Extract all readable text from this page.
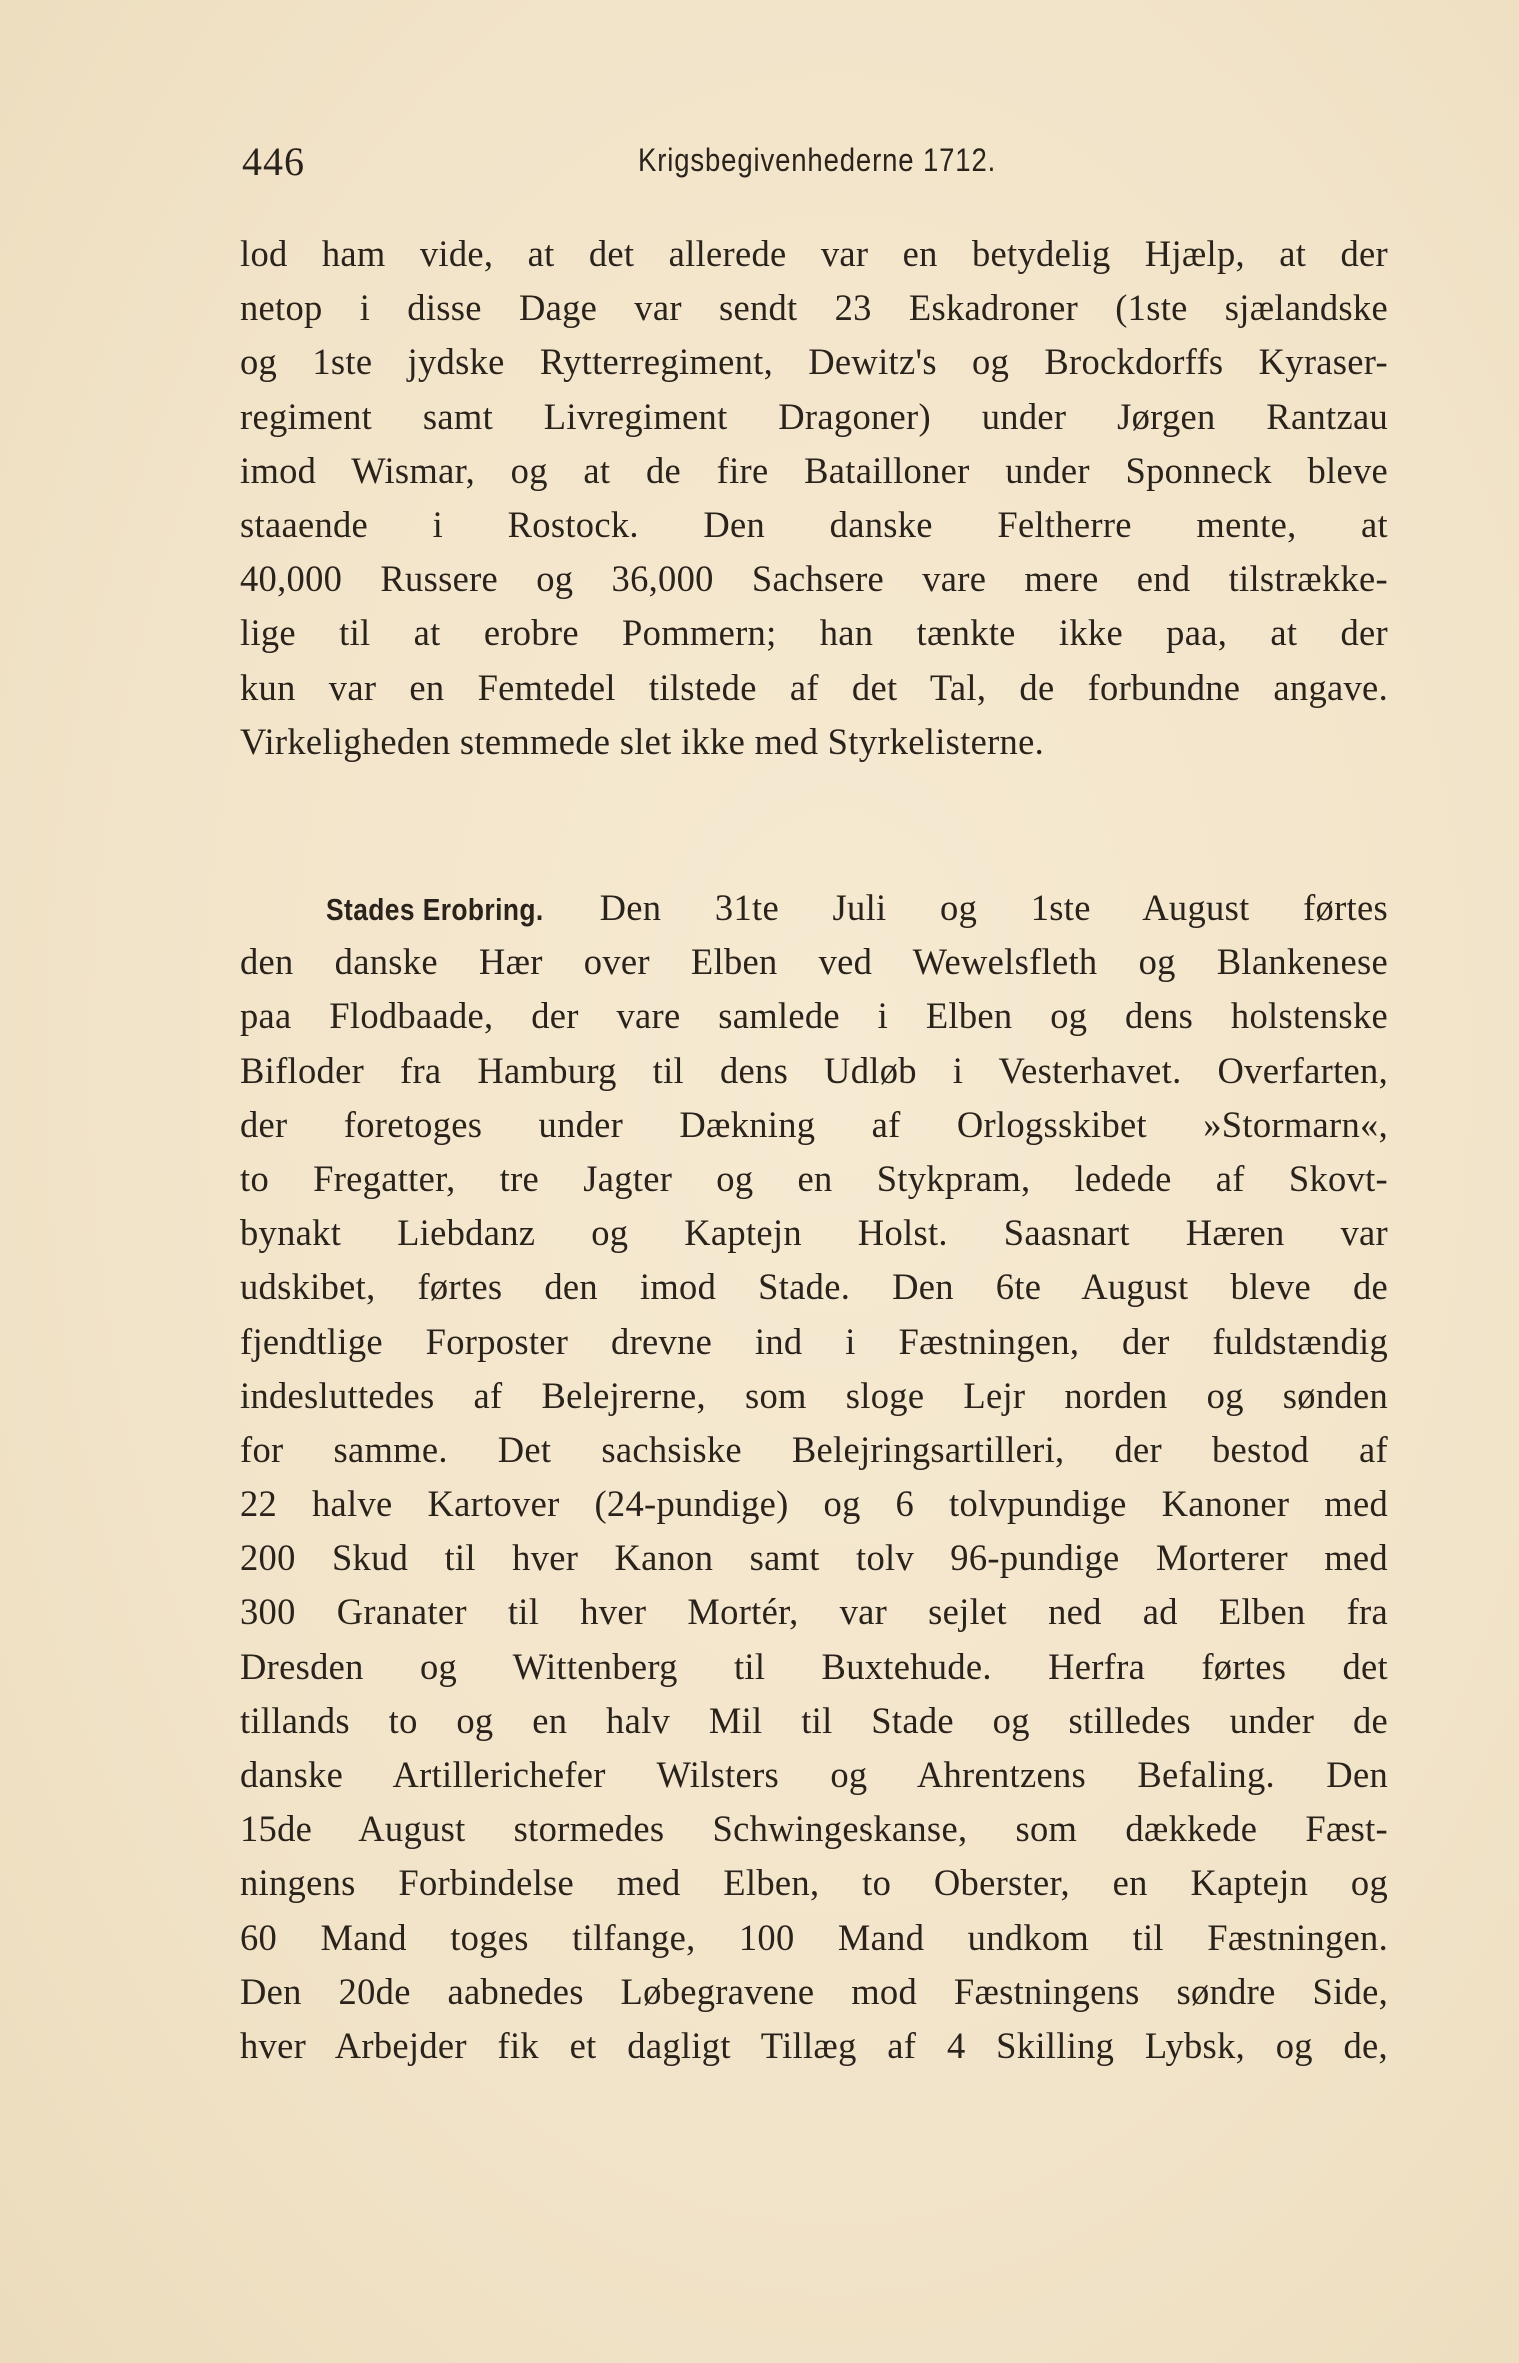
446	Krigsbegivenhederne 1712.
lod ham vide, at det allerede var en betydelig Hjælp, at der
netop i disse Dage var sendt 23 Eskadroner (1ste sjælandske
og 1ste jydske Rytterregiment, Dewitz's og Brockdorffs Kyraser-
regiment samt Livregiment Dragoner) under Jørgen Rantzau
imod Wismar, og at de fire Batailloner under Sponneck bleve
staaende i Rostock. Den danske Feltherre mente, at
40,000 Russere og 36,000 Sachsere vare mere end tilstrække-
lige til at erobre Pommern; han tænkte ikke paa, at der
kun var en Femtedel tilstede af det Tal, de forbundne angave.
Virkeligheden stemmede slet ikke med Styrkelisterne.
Stades Erobring. Den 31te Juli og 1ste August førtes
den danske Hær over Elben ved Wewelsfleth og Blankenese
paa Flodbaade, der vare samlede i Elben og dens holstenske
Bifloder fra Hamburg til dens Udløb i Vesterhavet. Overfarten,
der foretoges under Dækning af Orlogsskibet »Stormarn«,
to Fregatter, tre Jagter og en Stykpram, ledede af Skovt-
bynakt Liebdanz og Kaptejn Holst. Saasnart Hæren var
udskibet, førtes den imod Stade. Den 6te August bleve de
fjendtlige Forposter drevne ind i Fæstningen, der fuldstændig
indesluttedes af Belejrerne, som sloge Lejr norden og sønden
for samme. Det sachsiske Belejringsartilleri, der bestod af
22 halve Kartover (24-pundige) og 6 tolvpundige Kanoner med
200 Skud til hver Kanon samt tolv 96-pundige Morterer med
300 Granater til hver Mortér, var sejlet ned ad Elben fra
Dresden og Wittenberg til Buxtehude. Herfra førtes det
tillands to og en halv Mil til Stade og stilledes under de
danske Artillerichefer Wilsters og Ahrentzens Befaling. Den
15de August stormedes Schwingeskanse, som dækkede Fæst-
ningens Forbindelse med Elben, to Oberster, en Kaptejn og
60 Mand toges tilfange, 100 Mand undkom til Fæstningen.
Den 20de aabnedes Løbegravene mod Fæstningens søndre Side,
hver Arbejder fik et dagligt Tillæg af 4 Skilling Lybsk, og de,
